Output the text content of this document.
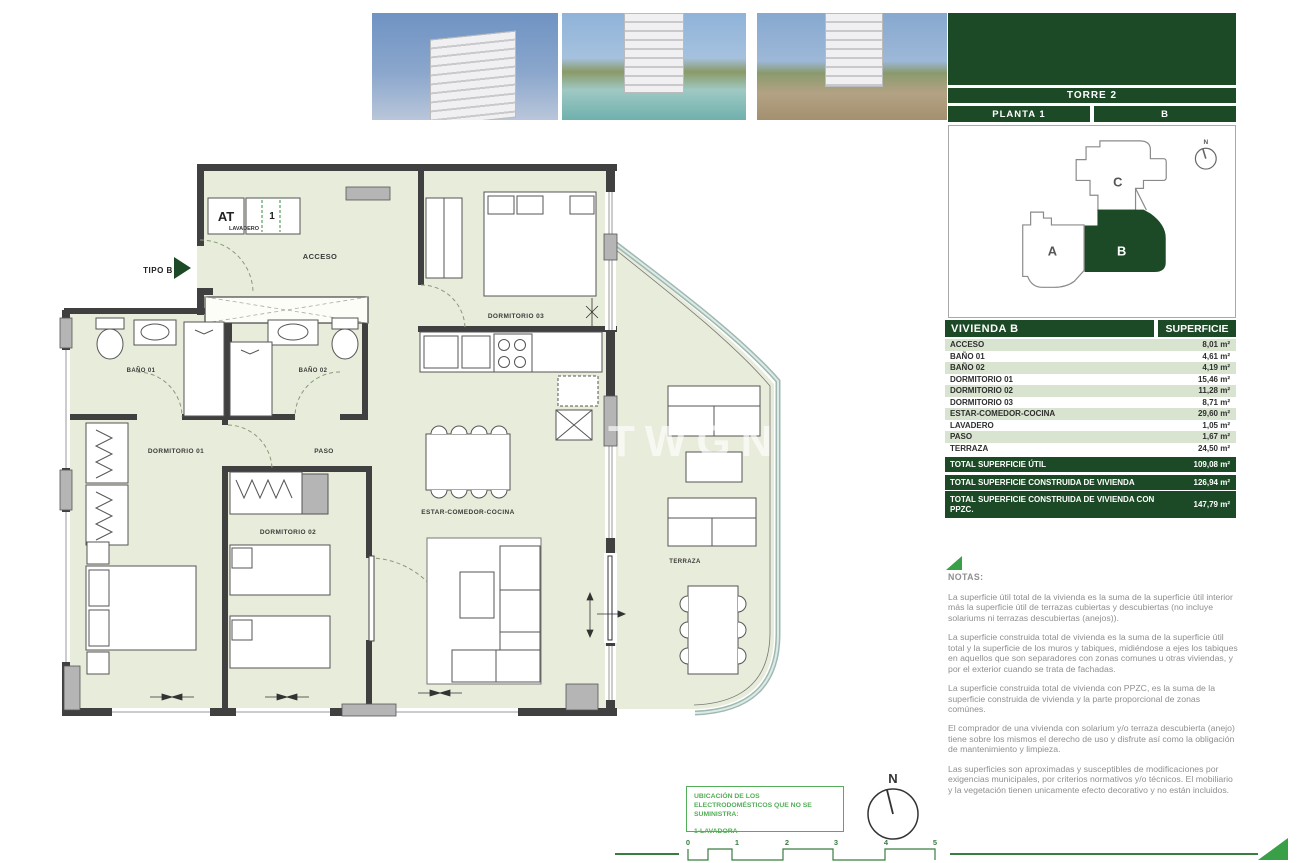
TORRE 2
PLANTA 1	B
C
A	B
N
VIVIENDA B	SUPERFICIE
ACCESO	8,01 m²
BAÑO 01	4,61 m²
BAÑO 02	4,19 m²
DORMITORIO 01	15,46 m²
DORMITORIO 02	11,28 m²
DORMITORIO 03	8,71 m²
ESTAR-COMEDOR-COCINA	29,60 m²
LAVADERO	1,05 m²
PASO	1,67 m²
TERRAZA	24,50 m²
TOTAL SUPERFICIE ÚTIL	109,08 m²
TOTAL SUPERFICIE CONSTRUIDA DE VIVIENDA	126,94 m²
TOTAL SUPERFICIE CONSTRUIDA DE VIVIENDA CON PPZC.	147,79 m²
NOTAS:

La superficie útil total de la vivienda es la suma de la superficie útil interior más la superficie útil de terrazas cubiertas y descubiertas (no incluye solariums ni terrazas descubiertas (anejos)).

La superficie construida total de vivienda es la suma de la superficie útil total y la superficie de los muros y tabiques, midiéndose a ejes los tabiques en aquellos que son separadores con zonas comunes u otras viviendas, y por el exterior cuando se trata de fachadas.

La superficie construida total de vivienda con PPZC, es la suma de la superficie construida de vivienda y la parte proporcional de zonas comúnes.

El comprador de una vivienda con solarium y/o terraza descubierta (anejo) tiene sobre los mismos el derecho de uso y disfrute así como la obligación de mantenimiento y limpieza.

Las superficies son aproximadas y susceptibles de modificaciones por exigencias municipales, por criterios normativos y/o técnicos. El mobiliario y la vegetación tienen unicamente efecto decorativo y no están incluidos.

TWGN
ACCESO
DORMITORIO 03
BAÑO 01	BAÑO 02
DORMITORIO 01	PASO
DORMITORIO 02
ESTAR-COMEDOR-COCINA
TERRAZA
AT
LAVADERO
1
TIPO B
UBICACIÓN DE LOS ELECTRODOMÉSTICOS QUE NO SE SUMINISTRA:
1-LAVADORA
N
0	1	2	3	4	5
